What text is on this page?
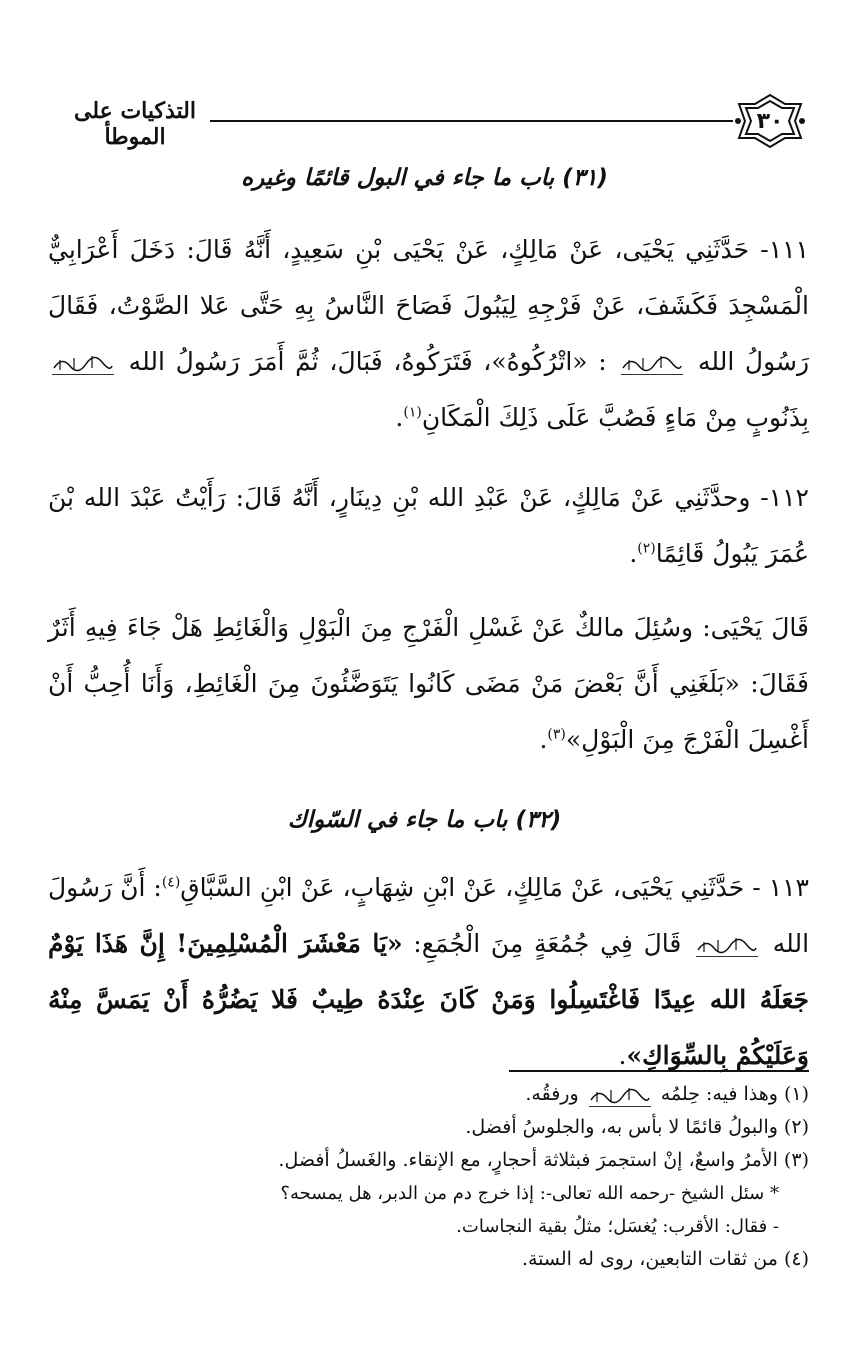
٣٠
التذكيات على الموطأ
(٣١) باب ما جاء في البول قائمًا وغيره

١١١- حَدَّثَنِي يَحْيَى، عَنْ مَالِكٍ، عَنْ يَحْيَى بْنِ سَعِيدٍ، أَنَّهُ قَالَ: دَخَلَ أَعْرَابِيٌّ الْمَسْجِدَ فَكَشَفَ، عَنْ فَرْجِهِ لِيَبُولَ فَصَاحَ النَّاسُ بِهِ حَتَّى عَلا الصَّوْتُ، فَقَالَ رَسُولُ الله  : «اتْرُكُوهُ»، فَتَرَكُوهُ، فَبَالَ، ثُمَّ أَمَرَ رَسُولُ الله  بِذَنُوبٍ مِنْ مَاءٍ فَصُبَّ عَلَى ذَلِكَ الْمَكَانِ$^{(١)}$.

١١٢- وحدَّثَنِي عَنْ مَالِكٍ، عَنْ عَبْدِ الله بْنِ دِينَارٍ، أَنَّهُ قَالَ: رَأَيْتُ عَبْدَ الله بْنَ عُمَرَ يَبُولُ قَائِمًا$^{(٢)}$.

قَالَ يَحْيَى: وسُئِلَ مالكٌ عَنْ غَسْلِ الْفَرْجِ مِنَ الْبَوْلِ وَالْغَائِطِ هَلْ جَاءَ فِيهِ أَثَرٌ فَقَالَ: «بَلَغَنِي أَنَّ بَعْضَ مَنْ مَضَى كَانُوا يَتَوَضَّئُونَ مِنَ الْغَائِطِ، وَأَنَا أُحِبُّ أَنْ أَغْسِلَ الْفَرْجَ مِنَ الْبَوْلِ»$^{(٣)}$.

(٣٢) باب ما جاء في السّواك

١١٣ - حَدَّثَنِي يَحْيَى، عَنْ مَالِكٍ، عَنْ ابْنِ شِهَابٍ، عَنْ ابْنِ السَّبَّاقِ$^{(٤)}$: أَنَّ رَسُولَ الله  قَالَ فِي جُمُعَةٍ مِنَ الْجُمَعِ: «يَا مَعْشَرَ الْمُسْلِمِينَ! إِنَّ هَذَا يَوْمٌ جَعَلَهُ الله عِيدًا فَاغْتَسِلُوا وَمَنْ كَانَ عِنْدَهُ طِيبٌ فَلا يَضُرُّهُ أَنْ يَمَسَّ مِنْهُ وَعَلَيْكُمْ بِالسِّوَاكِ».

(١) وهذا فيه: حِلمُه  ورفقُه.

(٢) والبولُ قائمًا لا بأس به، والجلوسُ أفضل.

(٣) الأمرُ واسعٌ، إنْ استجمرَ فبثلاثة أحجارٍ، مع الإنقاء. والغَسلُ أفضل.

* سئل الشيخ -رحمه الله تعالى-: إذا خرج دم من الدبر، هل يمسحه؟

- فقال: الأقرب: يُغسَل؛ مثلُ بقية النجاسات.

(٤) من ثقات التابعين، روى له الستة.
